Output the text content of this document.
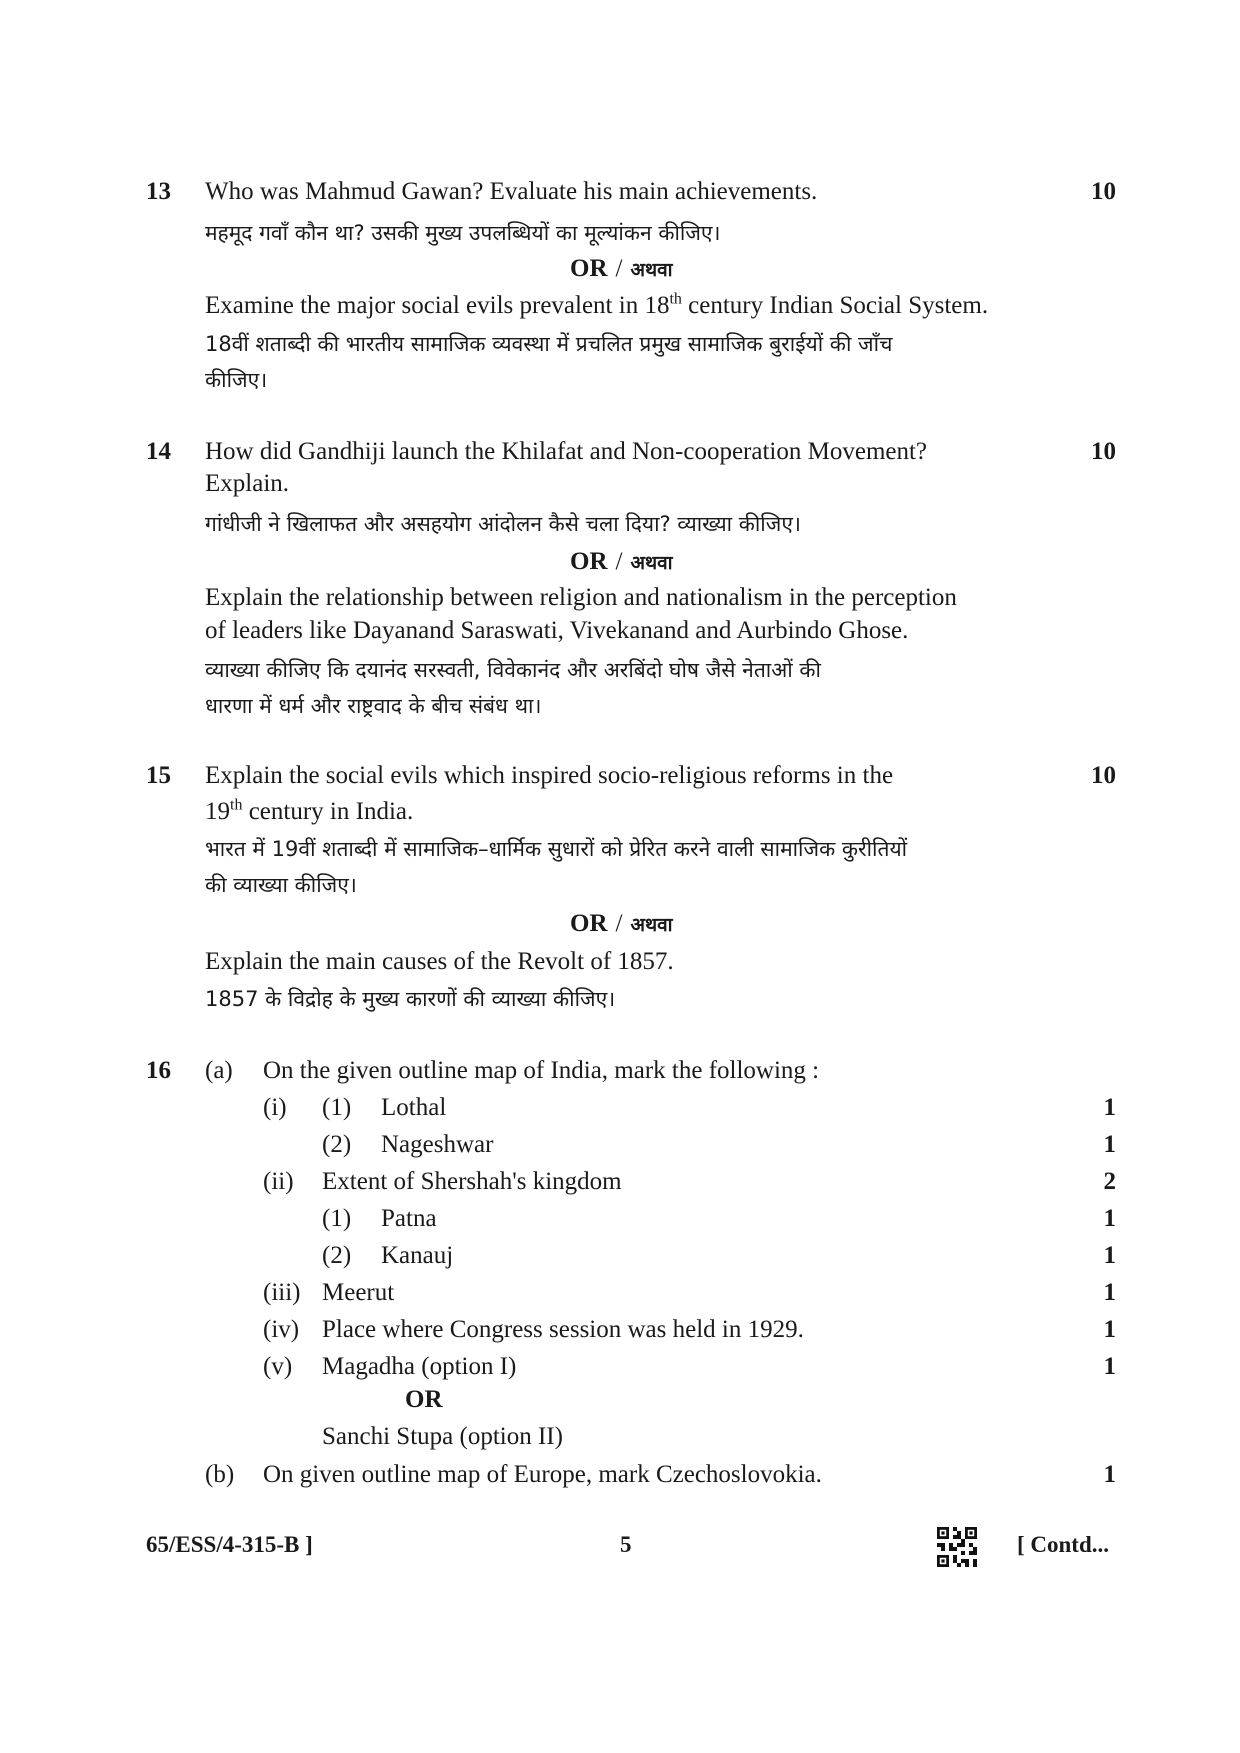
13 Who was Mahmud Gawan? Evaluate his main achievements.	10
महमूद गवाँ कौन था? उसकी मुख्य उपलब्धियों का मूल्यांकन कीजिए।
OR / अथवा
Examine the major social evils prevalent in 18th century Indian Social System.
18वीं शताब्दी की भारतीय सामाजिक व्यवस्था में प्रचलित प्रमुख सामाजिक बुराईयों की जाँच
कीजिए।
14 How did Gandhiji launch the Khilafat and Non-cooperation Movement?	10
Explain.
गांधीजी ने खिलाफत और असहयोग आंदोलन कैसे चला दिया? व्याख्या कीजिए।
OR / अथवा
Explain the relationship between religion and nationalism in the perception
of leaders like Dayanand Saraswati, Vivekanand and Aurbindo Ghose.
व्याख्या कीजिए कि दयानंद सरस्वती, विवेकानंद और अरबिंदो घोष जैसे नेताओं की
धारणा में धर्म और राष्ट्रवाद के बीच संबंध था।
15 Explain the social evils which inspired socio-religious reforms in the	10
19th century in India.
भारत में 19वीं शताब्दी में सामाजिक–धार्मिक सुधारों को प्रेरित करने वाली सामाजिक कुरीतियों
की व्याख्या कीजिए।
OR / अथवा
Explain the main causes of the Revolt of 1857.
1857 के विद्रोह के मुख्य कारणों की व्याख्या कीजिए।
16 (a) On the given outline map of India, mark the following :
(i) (1) Lothal	1
(2) Nageshwar	1
(ii) Extent of Shershah's kingdom	2
(1) Patna	1
(2) Kanauj	1
(iii) Meerut	1
(iv) Place where Congress session was held in 1929.	1
(v) Magadha (option I)	1
OR
Sanchi Stupa (option II)
(b) On given outline map of Europe, mark Czechoslovokia.	1
65/ESS/4-315-B ]	5	[ Contd...
